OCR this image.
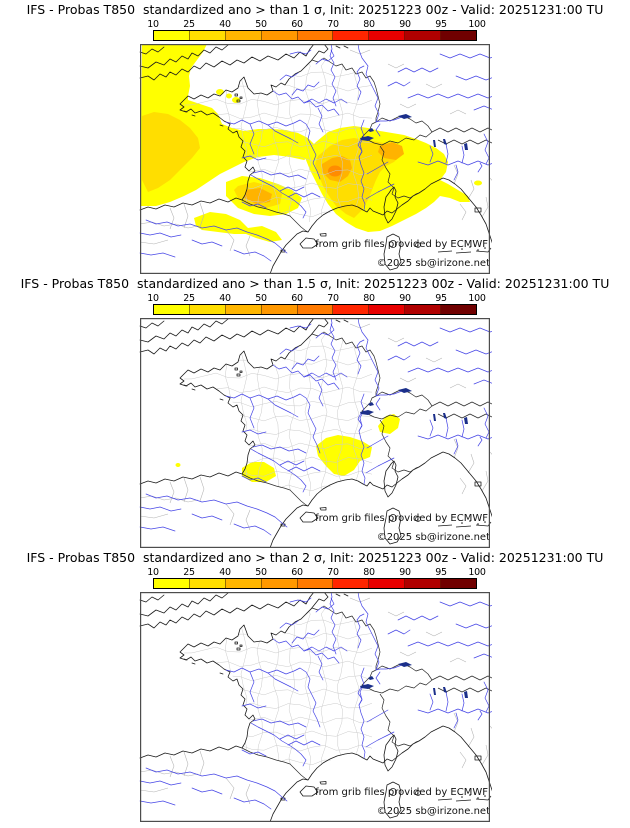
IFS - Probas T850  standardized ano > than 1 σ, Init: 20251223 00z - Valid: 20251231:00 TU
10	25	40	50	60	70	80	90	95 100
from grib files provided by ECMWF
©2025 sb@irizone.net
IFS - Probas T850  standardized ano > than 1.5 σ, Init: 20251223 00z - Valid: 20251231:00 TU
10	25	40	50	60	70	80	90	95 100
from grib files provided by ECMWF
©2025 sb@irizone.net
IFS - Probas T850  standardized ano > than 2 σ, Init: 20251223 00z - Valid: 20251231:00 TU
10	25	40	50	60	70	80	90	95 100
from grib files provided by ECMWF
©2025 sb@irizone.net
